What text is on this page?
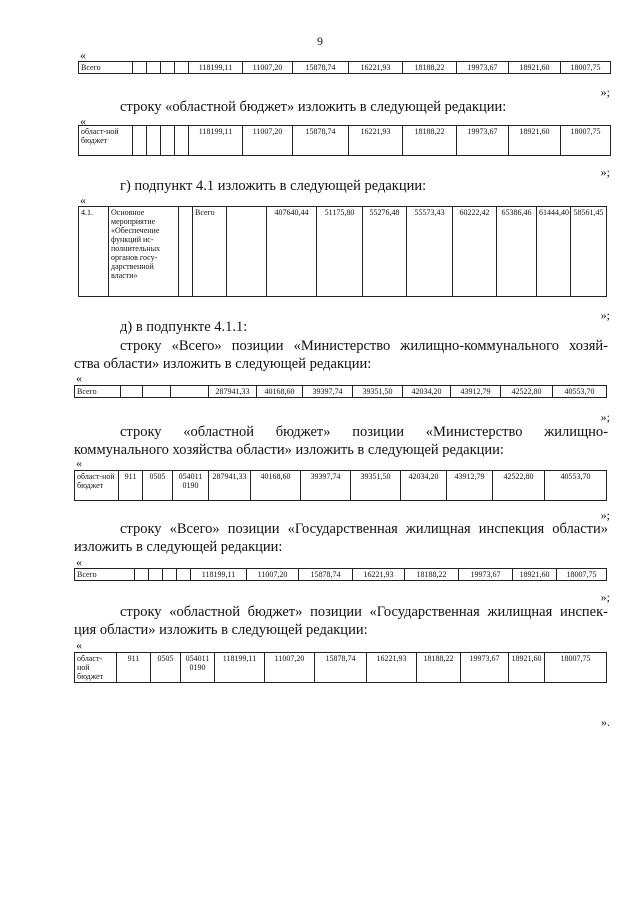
9
«
Всего					118199,11	11007,20	15878,74	16221,93	18188,22	19973,67	18921,60	18007,75
»;
строку «областной бюджет» изложить в следующей редакции:
«
област-ной бюджет					118199,11	11007,20	15878,74	16221,93	18188,22	19973,67	18921,60	18007,75
»;
г) подпункт 4.1 изложить в следующей редакции:
«
4.1.	Основное мероприятие «Обеспечение функций ис-полнительных органов госу-дарственной власти»		Всего		407640,44	51175,80	55276,48	55573,43	60222,42	65386,46	61444,40	58561,45
»;
д) в подпункте 4.1.1:
строку «Всего» позиции «Министерство жилищно-коммунального хозяй-
ства области» изложить в следующей редакции:
«
Всего				287941,33	40168,60	39397,74	39351,50	42034,20	43912,79	42522,80	40553,70
»;
строку «областной бюджет» позиции «Министерство жилищно-
коммунального хозяйства области» изложить в следующей редакции:
«
област-ной бюджет	911	0505	054011 0190	287941,33	40168,60	39397,74	39351,50	42034,20	43912,79	42522,80	40553,70
»;
строку «Всего» позиции «Государственная жилищная инспекция области»
изложить в следующей редакции:
«
Всего					118199,11	11007,20	15878,74	16221,93	18188,22	19973,67	18921,60	18007,75
»;
строку «областной бюджет» позиции «Государственная жилищная инспек-
ция области» изложить в следующей редакции:
«
област-ной бюджет	911	0505	054011 0190	118199,11	11007,20	15878,74	16221,93	18188,22	19973,67	18921,60	18007,75
».
